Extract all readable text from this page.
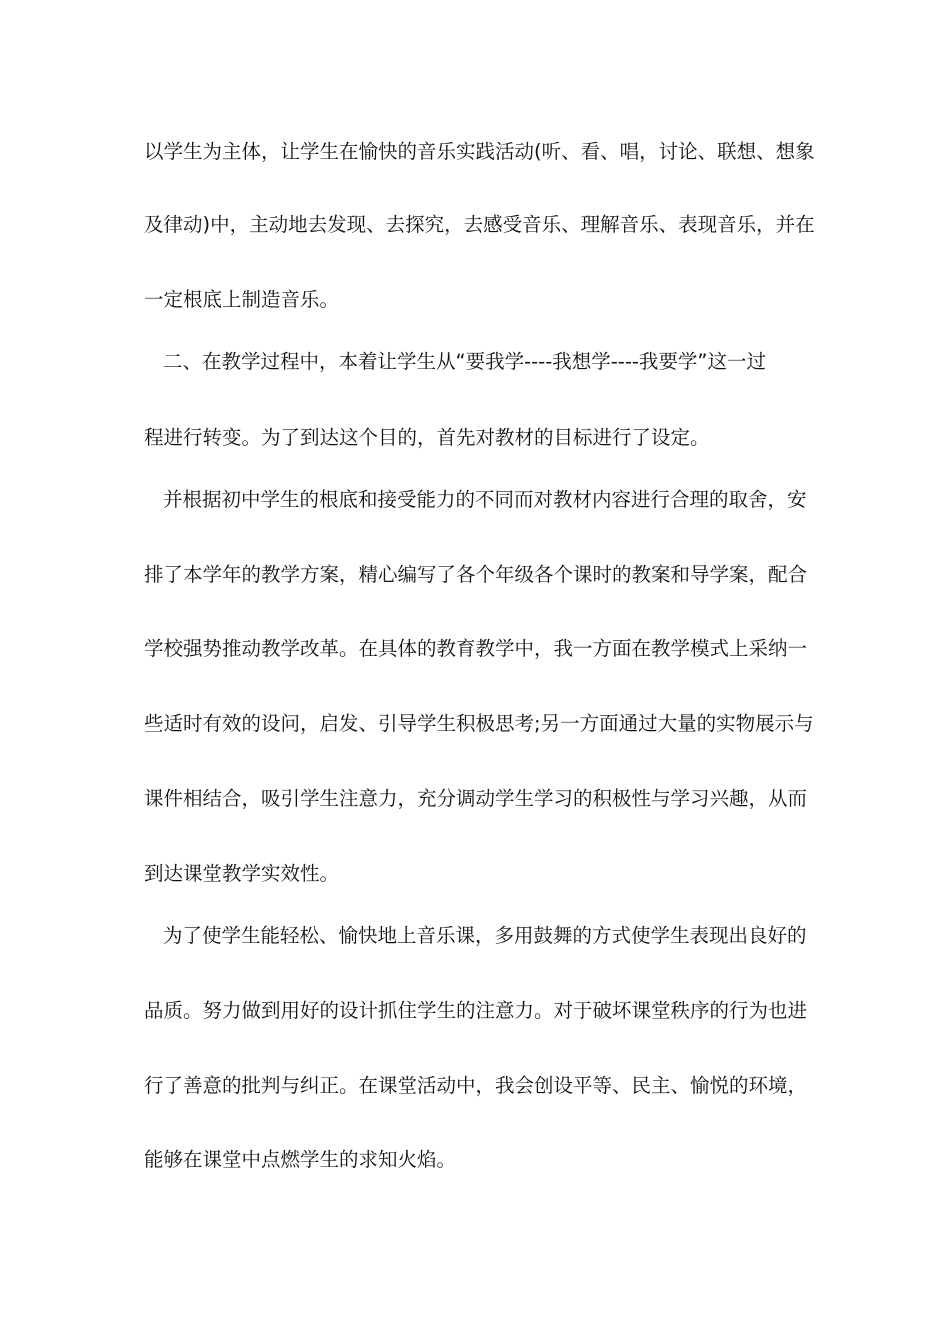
以学生为主体，让学生在愉快的音乐实践活动(听、看、唱，讨论、联想、想象
及律动)中，主动地去发现、去探究，去感受音乐、理解音乐、表现音乐，并在
一定根底上制造音乐。
二、在教学过程中，本着让学生从“要我学----我想学----我要学”这一过
程进行转变。为了到达这个目的，首先对教材的目标进行了设定。
并根据初中学生的根底和接受能力的不同而对教材内容进行合理的取舍，安
排了本学年的教学方案，精心编写了各个年级各个课时的教案和导学案，配合
学校强势推动教学改革。在具体的教育教学中，我一方面在教学模式上采纳一
些适时有效的设问，启发、引导学生积极思考;另一方面通过大量的实物展示与
课件相结合，吸引学生注意力，充分调动学生学习的积极性与学习兴趣，从而
到达课堂教学实效性。
为了使学生能轻松、愉快地上音乐课，多用鼓舞的方式使学生表现出良好的
品质。努力做到用好的设计抓住学生的注意力。对于破坏课堂秩序的行为也进
行了善意的批判与纠正。在课堂活动中，我会创设平等、民主、愉悦的环境，
能够在课堂中点燃学生的求知火焰。
